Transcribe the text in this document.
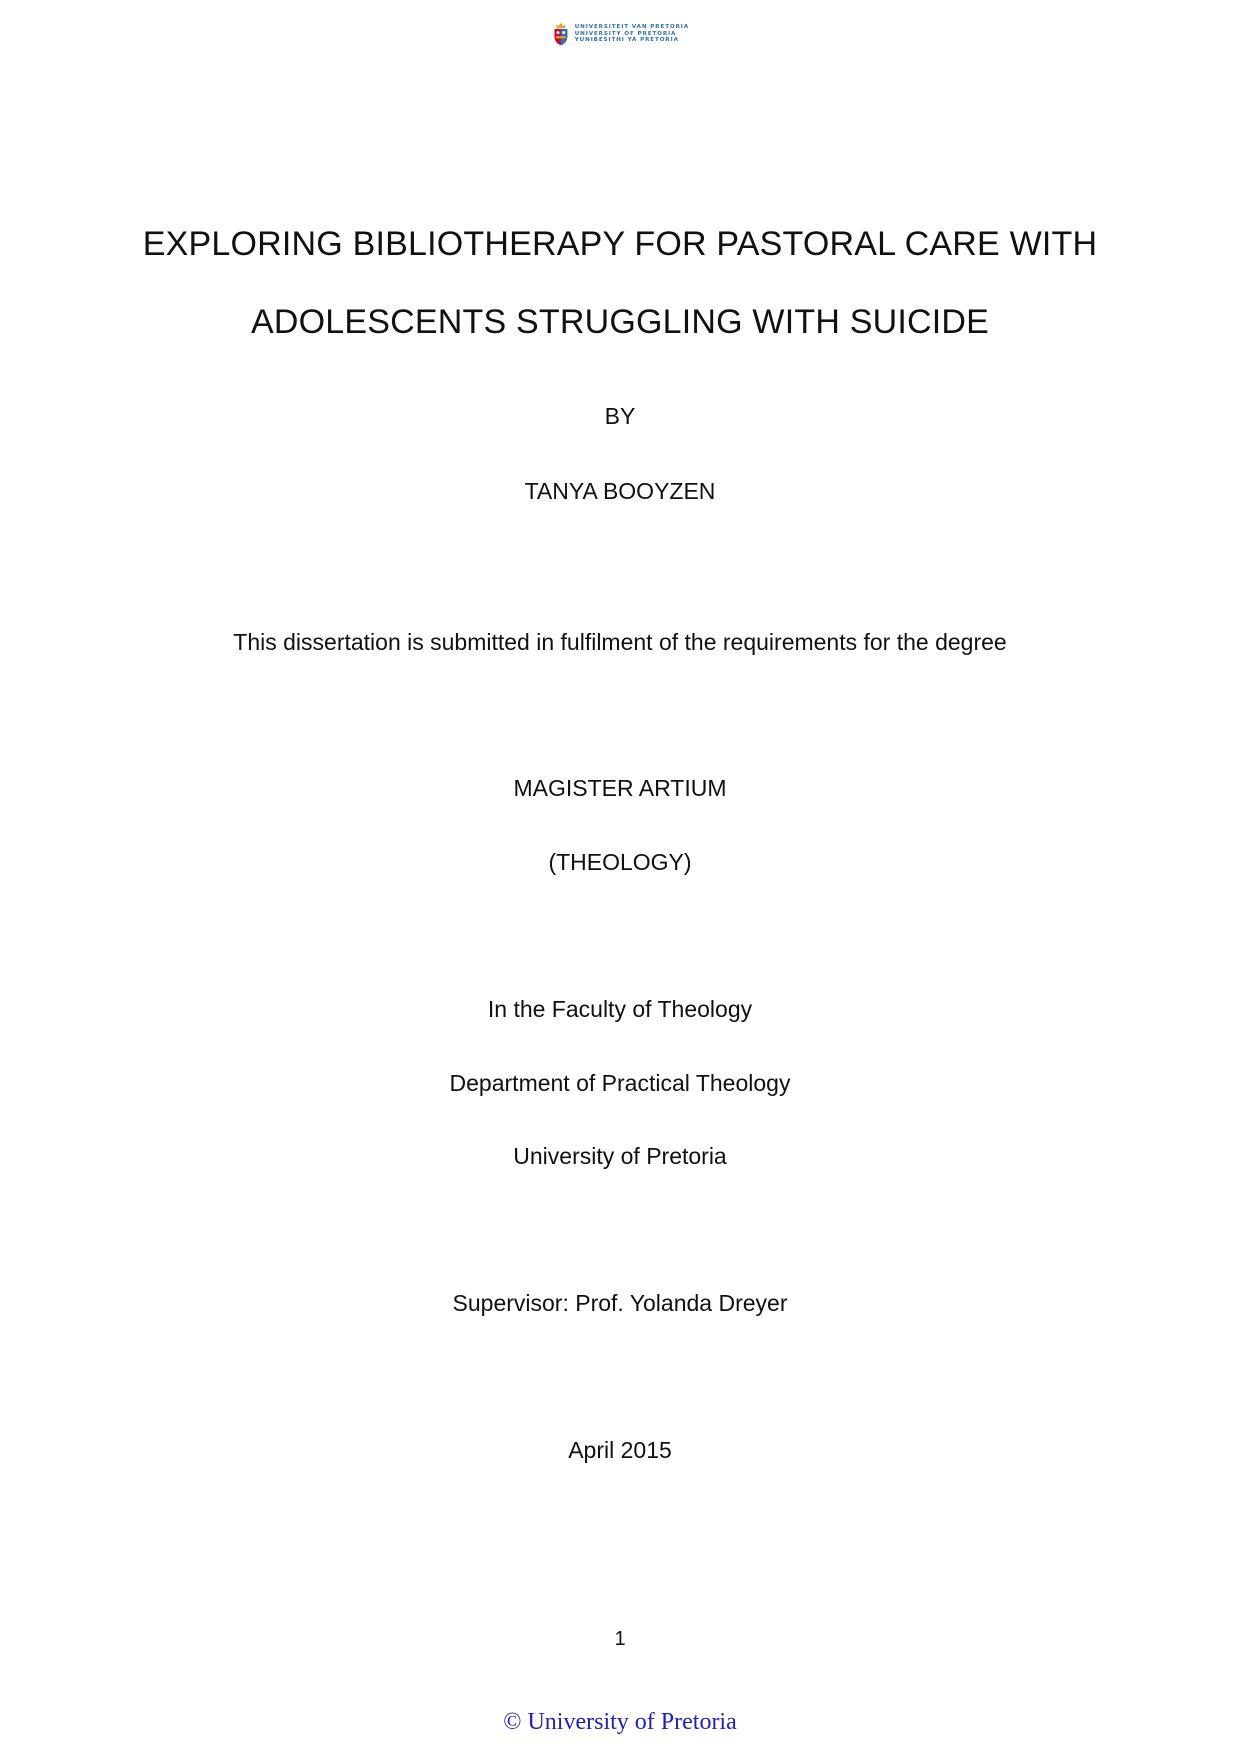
UNIVERSITEIT VAN PRETORIA
UNIVERSITY OF PRETORIA
YUNIBESITHI YA PRETORIA
EXPLORING BIBLIOTHERAPY FOR PASTORAL CARE WITH
ADOLESCENTS STRUGGLING WITH SUICIDE
BY
TANYA BOOYZEN
This dissertation is submitted in fulfilment of the requirements for the degree
MAGISTER ARTIUM
(THEOLOGY)
In the Faculty of Theology
Department of Practical Theology
University of Pretoria
Supervisor: Prof. Yolanda Dreyer
April 2015
1
© University of Pretoria
